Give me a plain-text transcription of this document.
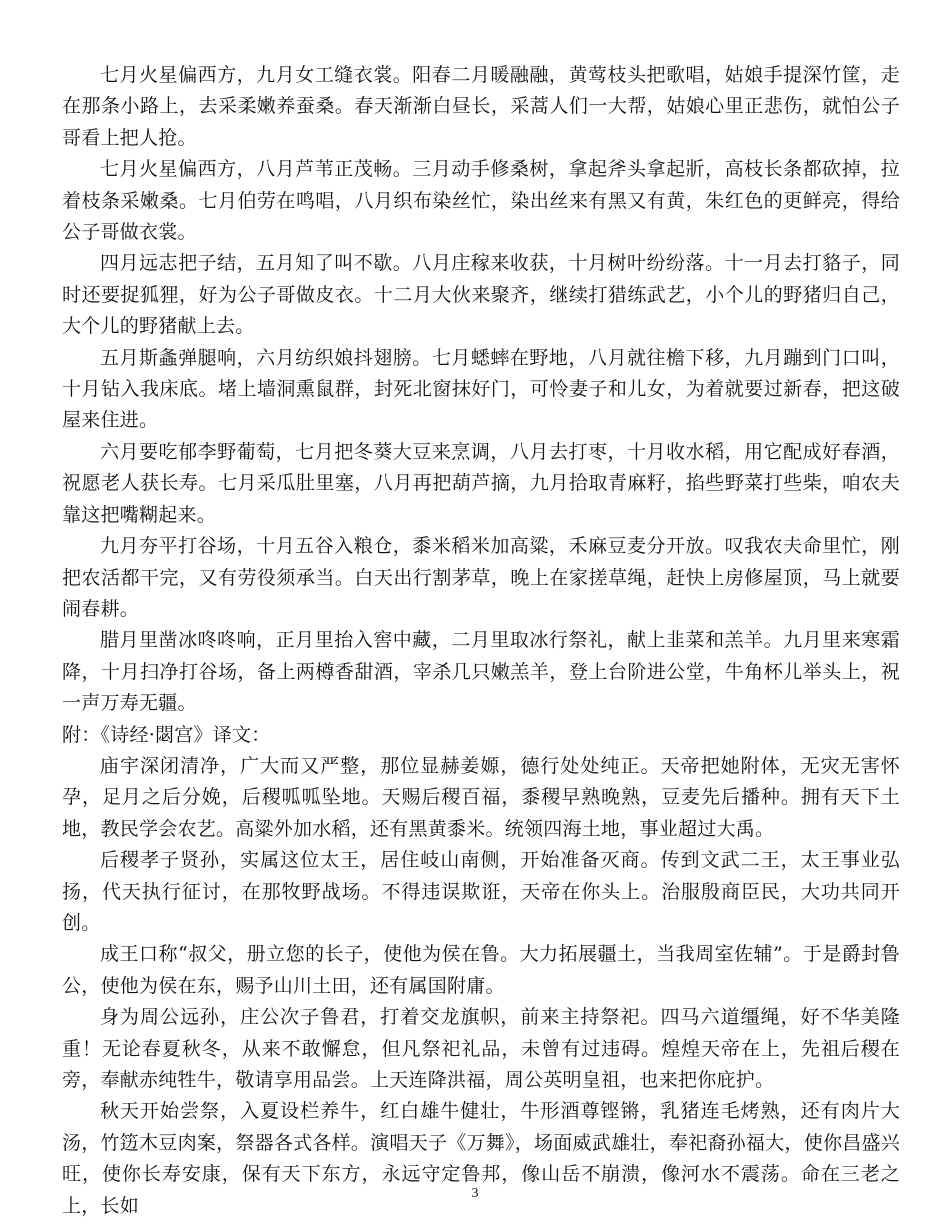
七月火星偏西方，九月女工缝衣裳。阳春二月暖融融，黄莺枝头把歌唱，姑娘手提深竹筐，走在那条小路上，去采柔嫩养蚕桑。春天渐渐白昼长，采蒿人们一大帮，姑娘心里正悲伤，就怕公子哥看上把人抢。

七月火星偏西方，八月芦苇正茂畅。三月动手修桑树，拿起斧头拿起斨，高枝长条都砍掉，拉着枝条采嫩桑。七月伯劳在鸣唱，八月织布染丝忙，染出丝来有黑又有黄，朱红色的更鲜亮，得给公子哥做衣裳。

四月远志把子结，五月知了叫不歇。八月庄稼来收获，十月树叶纷纷落。十一月去打貉子，同时还要捉狐狸，好为公子哥做皮衣。十二月大伙来聚齐，继续打猎练武艺，小个儿的野猪归自己，大个儿的野猪献上去。

五月斯螽弹腿响，六月纺织娘抖翅膀。七月蟋蟀在野地，八月就往檐下移，九月蹦到门口叫，十月钻入我床底。堵上墙洞熏鼠群，封死北窗抹好门，可怜妻子和儿女，为着就要过新春，把这破屋来住进。

六月要吃郁李野葡萄，七月把冬葵大豆来烹调，八月去打枣，十月收水稻，用它配成好春酒，祝愿老人获长寿。七月采瓜肚里塞，八月再把葫芦摘，九月拾取青麻籽，掐些野菜打些柴，咱农夫靠这把嘴糊起来。

九月夯平打谷场，十月五谷入粮仓，黍米稻米加高粱，禾麻豆麦分开放。叹我农夫命里忙，刚把农活都干完，又有劳役须承当。白天出行割茅草，晚上在家搓草绳，赶快上房修屋顶，马上就要闹春耕。

腊月里凿冰咚咚响，正月里抬入窖中藏，二月里取冰行祭礼，献上韭菜和羔羊。九月里来寒霜降，十月扫净打谷场，备上两樽香甜酒，宰杀几只嫩羔羊，登上台阶进公堂，牛角杯儿举头上，祝一声万寿无疆。

附：《诗经·閟宫》译文：

庙宇深闭清净，广大而又严整，那位显赫姜嫄，德行处处纯正。天帝把她附体，无灾无害怀孕，足月之后分娩，后稷呱呱坠地。天赐后稷百福，黍稷早熟晚熟，豆麦先后播种。拥有天下土地，教民学会农艺。高粱外加水稻，还有黑黄黍米。统领四海土地，事业超过大禹。

后稷孝子贤孙，实属这位太王，居住岐山南侧，开始准备灭商。传到文武二王，太王事业弘扬，代天执行征讨，在那牧野战场。不得违误欺诳，天帝在你头上。治服殷商臣民，大功共同开创。

成王口称“叔父，册立您的长子，使他为侯在鲁。大力拓展疆土，当我周室佐辅”。于是爵封鲁公，使他为侯在东，赐予山川土田，还有属国附庸。

身为周公远孙，庄公次子鲁君，打着交龙旗帜，前来主持祭祀。四马六道缰绳，好不华美隆重！无论春夏秋冬，从来不敢懈怠，但凡祭祀礼品，未曾有过违碍。煌煌天帝在上，先祖后稷在旁，奉献赤纯牲牛，敬请享用品尝。上天连降洪福，周公英明皇祖，也来把你庇护。

秋天开始尝祭，入夏设栏养牛，红白雄牛健壮，牛形酒尊铿锵，乳猪连毛烤熟，还有肉片大汤，竹笾木豆肉案，祭器各式各样。演唱天子《万舞》，场面威武雄壮，奉祀裔孙福大，使你昌盛兴旺，使你长寿安康，保有天下东方，永远守定鲁邦，像山岳不崩溃，像河水不震荡。命在三老之上，长如

3
